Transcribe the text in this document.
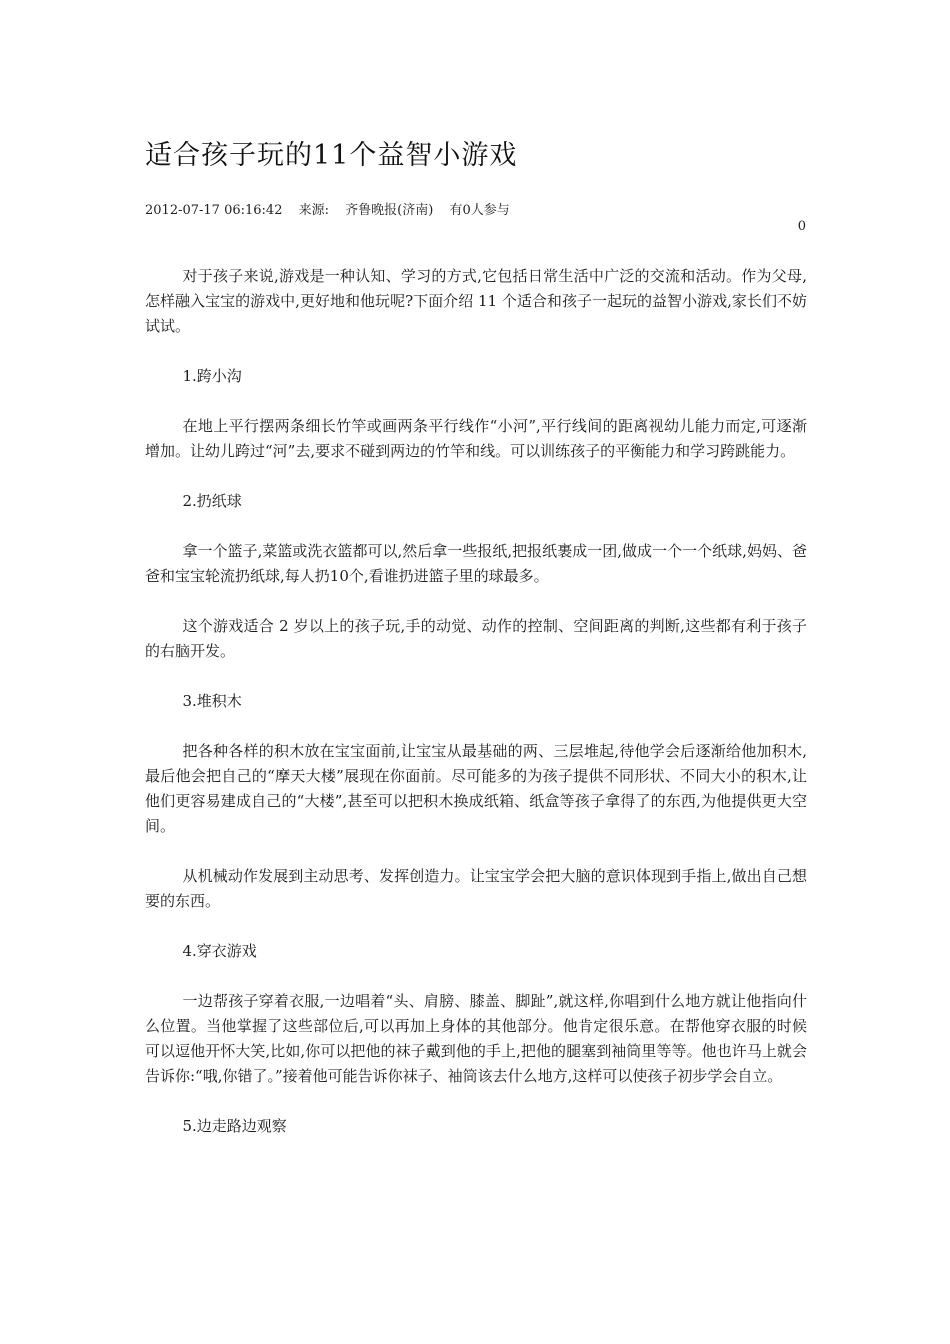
适合孩子玩的11个益智小游戏
2012-07-17 06:16:42 来源: 齐鲁晚报(济南) 有0人参与
0

对于孩子来说,游戏是一种认知、学习的方式,它包括日常生活中广泛的交流和活动。作为父母,怎样融入宝宝的游戏中,更好地和他玩呢?下面介绍 11 个适合和孩子一起玩的益智小游戏,家长们不妨试试。

1.跨小沟

在地上平行摆两条细长竹竿或画两条平行线作“小河”,平行线间的距离视幼儿能力而定,可逐渐增加。让幼儿跨过“河”去,要求不碰到两边的竹竿和线。可以训练孩子的平衡能力和学习跨跳能力。

2.扔纸球

拿一个篮子,菜篮或洗衣篮都可以,然后拿一些报纸,把报纸裹成一团,做成一个一个纸球,妈妈、爸爸和宝宝轮流扔纸球,每人扔10个,看谁扔进篮子里的球最多。

这个游戏适合 2 岁以上的孩子玩,手的动觉、动作的控制、空间距离的判断,这些都有利于孩子的右脑开发。

3.堆积木

把各种各样的积木放在宝宝面前,让宝宝从最基础的两、三层堆起,待他学会后逐渐给他加积木,最后他会把自己的“摩天大楼”展现在你面前。尽可能多的为孩子提供不同形状、不同大小的积木,让他们更容易建成自己的“大楼”,甚至可以把积木换成纸箱、纸盒等孩子拿得了的东西,为他提供更大空间。

从机械动作发展到主动思考、发挥创造力。让宝宝学会把大脑的意识体现到手指上,做出自己想要的东西。

4.穿衣游戏

一边帮孩子穿着衣服,一边唱着“头、肩膀、膝盖、脚趾”,就这样,你唱到什么地方就让他指向什么位置。当他掌握了这些部位后,可以再加上身体的其他部分。他肯定很乐意。在帮他穿衣服的时候可以逗他开怀大笑,比如,你可以把他的袜子戴到他的手上,把他的腿塞到袖筒里等等。他也许马上就会告诉你:“哦,你错了。”接着他可能告诉你袜子、袖筒该去什么地方,这样可以使孩子初步学会自立。

5.边走路边观察
